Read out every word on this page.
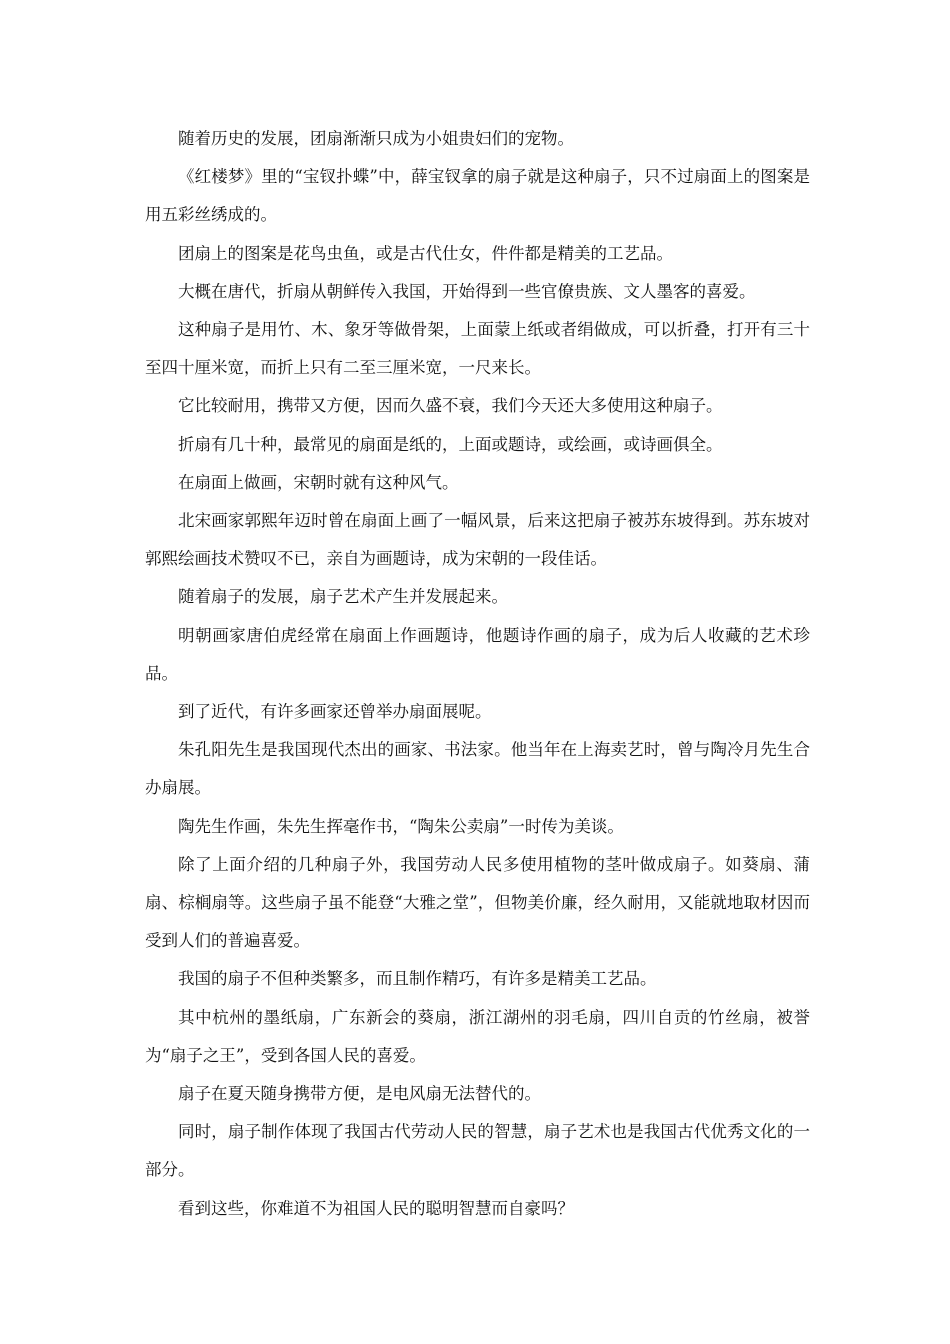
随着历史的发展，团扇渐渐只成为小姐贵妇们的宠物。

《红楼梦》里的“宝钗扑蝶”中，薛宝钗拿的扇子就是这种扇子，只不过扇面上的图案是用五彩丝绣成的。

团扇上的图案是花鸟虫鱼，或是古代仕女，件件都是精美的工艺品。

大概在唐代，折扇从朝鲜传入我国，开始得到一些官僚贵族、文人墨客的喜爱。

这种扇子是用竹、木、象牙等做骨架，上面蒙上纸或者绢做成，可以折叠，打开有三十至四十厘米宽，而折上只有二至三厘米宽，一尺来长。

它比较耐用，携带又方便，因而久盛不衰，我们今天还大多使用这种扇子。

折扇有几十种，最常见的扇面是纸的，上面或题诗，或绘画，或诗画俱全。

在扇面上做画，宋朝时就有这种风气。

北宋画家郭熙年迈时曾在扇面上画了一幅风景，后来这把扇子被苏东坡得到。苏东坡对郭熙绘画技术赞叹不已，亲自为画题诗，成为宋朝的一段佳话。

随着扇子的发展，扇子艺术产生并发展起来。

明朝画家唐伯虎经常在扇面上作画题诗，他题诗作画的扇子，成为后人收藏的艺术珍品。

到了近代，有许多画家还曾举办扇面展呢。

朱孔阳先生是我国现代杰出的画家、书法家。他当年在上海卖艺时，曾与陶冷月先生合办扇展。

陶先生作画，朱先生挥毫作书，“陶朱公卖扇”一时传为美谈。

除了上面介绍的几种扇子外，我国劳动人民多使用植物的茎叶做成扇子。如葵扇、蒲扇、棕榈扇等。这些扇子虽不能登“大雅之堂”，但物美价廉，经久耐用，又能就地取材因而受到人们的普遍喜爱。

我国的扇子不但种类繁多，而且制作精巧，有许多是精美工艺品。

其中杭州的墨纸扇，广东新会的葵扇，浙江湖州的羽毛扇，四川自贡的竹丝扇，被誉为“扇子之王”，受到各国人民的喜爱。

扇子在夏天随身携带方便，是电风扇无法替代的。

同时，扇子制作体现了我国古代劳动人民的智慧，扇子艺术也是我国古代优秀文化的一部分。

看到这些，你难道不为祖国人民的聪明智慧而自豪吗？
